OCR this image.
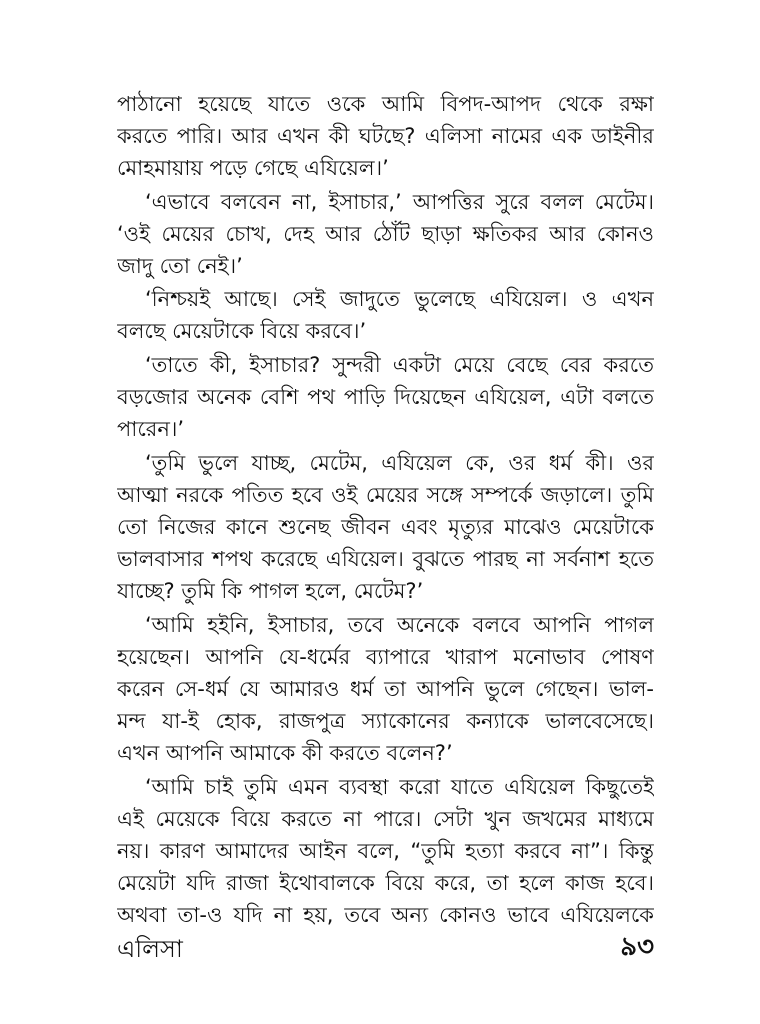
পাঠানো হয়েছে যাতে ওকে আমি বিপদ-আপদ থেকে রক্ষা
করতে পারি। আর এখন কী ঘটছে? এলিসা নামের এক ডাইনীর
মোহমায়ায় পড়ে গেছে এযিয়েল।’
‘এভাবে বলবেন না, ইসাচার,’ আপত্তির সুরে বলল মেটেম।
‘ওই মেয়ের চোখ, দেহ আর ঠোঁট ছাড়া ক্ষতিকর আর কোনও
জাদু তো নেই।’
‘নিশ্চয়ই আছে। সেই জাদুতে ভুলেছে এযিয়েল। ও এখন
বলছে মেয়েটাকে বিয়ে করবে।’
‘তাতে কী, ইসাচার? সুন্দরী একটা মেয়ে বেছে বের করতে
বড়জোর অনেক বেশি পথ পাড়ি দিয়েছেন এযিয়েল, এটা বলতে
পারেন।’
‘তুমি ভুলে যাচ্ছ, মেটেম, এযিয়েল কে, ওর ধর্ম কী। ওর
আত্মা নরকে পতিত হবে ওই মেয়ের সঙ্গে সম্পর্কে জড়ালে। তুমি
তো নিজের কানে শুনেছ জীবন এবং মৃত্যুর মাঝেও মেয়েটাকে
ভালবাসার শপথ করেছে এযিয়েল। বুঝতে পারছ না সর্বনাশ হতে
যাচ্ছে? তুমি কি পাগল হলে, মেটেম?’
‘আমি হইনি, ইসাচার, তবে অনেকে বলবে আপনি পাগল
হয়েছেন। আপনি যে-ধর্মের ব্যাপারে খারাপ মনোভাব পোষণ
করেন সে-ধর্ম যে আমারও ধর্ম তা আপনি ভুলে গেছেন। ভাল-
মন্দ যা-ই হোক, রাজপুত্র স্যাকোনের কন্যাকে ভালবেসেছে।
এখন আপনি আমাকে কী করতে বলেন?’
‘আমি চাই তুমি এমন ব্যবস্থা করো যাতে এযিয়েল কিছুতেই
এই মেয়েকে বিয়ে করতে না পারে। সেটা খুন জখমের মাধ্যমে
নয়। কারণ আমাদের আইন বলে, “তুমি হত্যা করবে না”। কিন্তু
মেয়েটা যদি রাজা ইথোবালকে বিয়ে করে, তা হলে কাজ হবে।
অথবা তা-ও যদি না হয়, তবে অন্য কোনও ভাবে এযিয়েলকে
এলিসা	৯৩
